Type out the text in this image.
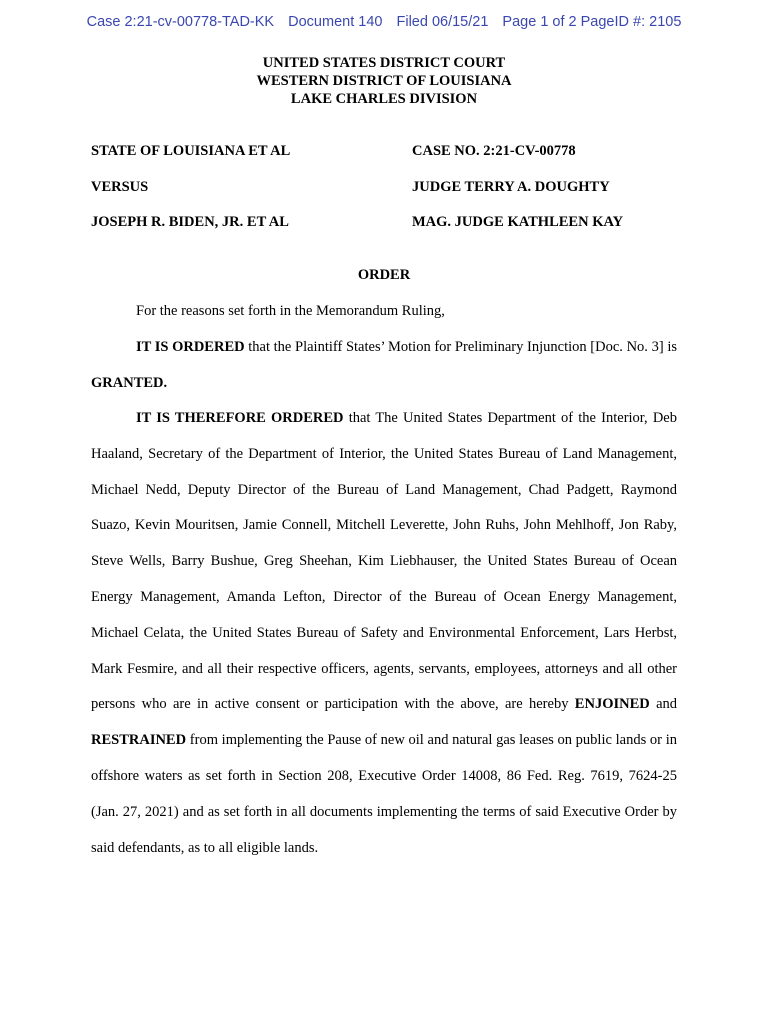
Case 2:21-cv-00778-TAD-KK Document 140 Filed 06/15/21 Page 1 of 2 PageID #: 2105
UNITED STATES DISTRICT COURT
WESTERN DISTRICT OF LOUISIANA
LAKE CHARLES DIVISION
STATE OF LOUISIANA ET AL	CASE NO. 2:21-CV-00778
VERSUS	JUDGE TERRY A. DOUGHTY
JOSEPH R. BIDEN, JR. ET AL	MAG. JUDGE KATHLEEN KAY
ORDER

For the reasons set forth in the Memorandum Ruling,

IT IS ORDERED that the Plaintiff States’ Motion for Preliminary Injunction [Doc. No. 3] is GRANTED.

IT IS THEREFORE ORDERED that The United States Department of the Interior, Deb Haaland, Secretary of the Department of Interior, the United States Bureau of Land Management, Michael Nedd, Deputy Director of the Bureau of Land Management, Chad Padgett, Raymond Suazo, Kevin Mouritsen, Jamie Connell, Mitchell Leverette, John Ruhs, John Mehlhoff, Jon Raby, Steve Wells, Barry Bushue, Greg Sheehan, Kim Liebhauser, the United States Bureau of Ocean Energy Management, Amanda Lefton, Director of the Bureau of Ocean Energy Management, Michael Celata, the United States Bureau of Safety and Environmental Enforcement, Lars Herbst, Mark Fesmire, and all their respective officers, agents, servants, employees, attorneys and all other persons who are in active consent or participation with the above, are hereby ENJOINED and RESTRAINED from implementing the Pause of new oil and natural gas leases on public lands or in offshore waters as set forth in Section 208, Executive Order 14008, 86 Fed. Reg. 7619, 7624-25 (Jan. 27, 2021) and as set forth in all documents implementing the terms of said Executive Order by said defendants, as to all eligible lands.
